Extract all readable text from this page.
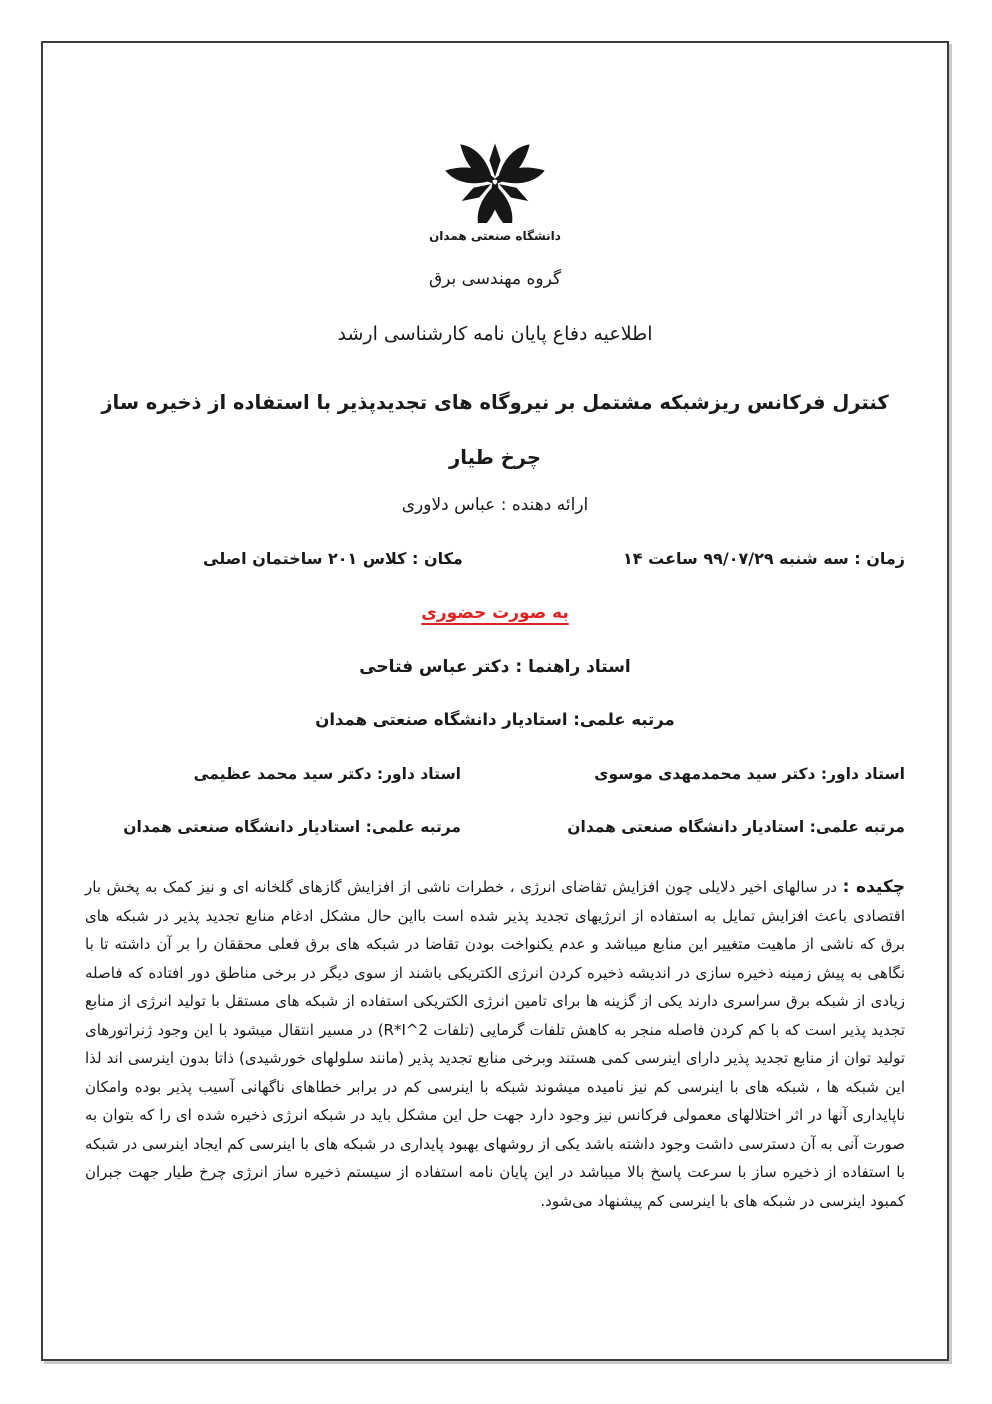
دانشگاه صنعتی همدان
گروه مهندسی برق
اطلاعیه دفاع پایان نامه کارشناسی ارشد
کنترل فرکانس ریزشبکه مشتمل بر نیروگاه های تجدیدپذیر با استفاده از ذخیره ساز چرخ طیار
ارائه دهنده : عباس دلاوری
زمان : سه شنبه ۹۹/۰۷/۲۹ ساعت ۱۴
مکان : کلاس ۲۰۱ ساختمان اصلی
به صورت حضوری
استاد راهنما : دکتر عباس فتاحی
مرتبه علمی: استادیار دانشگاه صنعتی همدان
استاد داور: دکتر سید محمدمهدی موسوی
استاد داور: دکتر سید محمد عظیمی
مرتبه علمی: استادیار دانشگاه صنعتی همدان
مرتبه علمی: استادیار دانشگاه صنعتی همدان

چکیده : در سالهای اخیر دلایلی چون افزایش تقاضای انرژی ، خطرات ناشی از افزایش گازهای گلخانه ای و نیز کمک به پخش بار اقتصادی باعث افزایش تمایل به استفاده از انرژیهای تجدید پذیر شده است بااین حال مشکل ادغام منابع تجدید پذیر در شبکه های برق که ناشی از ماهیت متغییر این منابع میباشد و عدم یکنواخت بودن تقاضا در شبکه های برق فعلی محققان را بر آن داشته تا با نگاهی به پیش زمینه ذخیره سازی در اندیشه ذخیره کردن انرژی الکتریکی باشند از سوی دیگر در برخی مناطق دور افتاده که فاصله زیادی از شبکه برق سراسری دارند یکی از گزینه ها برای تامین انرژی الکتریکی استفاده از شبکه های مستقل با تولید انرژی از منابع تجدید پذیر است که با کم کردن فاصله منجر به کاهش تلفات گرمایی (تلفات R*I^2) در مسیر انتقال میشود با این وجود ژنراتورهای تولید توان از منابع تجدید پذیر دارای اینرسی کمی هستند وبرخی منابع تجدید پذیر (مانند سلولهای خورشیدی) ذاتا بدون اینرسی اند لذا این شبکه ها ، شبکه های با اینرسی کم نیز نامیده میشوند شبکه با اینرسی کم در برابر خطاهای ناگهانی آسیب پذیر بوده وامکان ناپایداری آنها در اثر اختلالهای معمولی فرکانس نیز وجود دارد جهت حل این مشکل باید در شبکه انرژی ذخیره شده ای را که بتوان به صورت آنی به آن دسترسی داشت وجود داشته باشد یکی از روشهای بهبود پایداری در شبکه های با اینرسی کم ایجاد اینرسی در شبکه با استفاده از ذخیره ساز با سرعت پاسخ بالا میباشد در این پایان نامه استفاده از سیستم ذخیره ساز انرژی چرخ طیار جهت جبران کمبود اینرسی در شبکه های با اینرسی کم پیشنهاد می‌شود.
